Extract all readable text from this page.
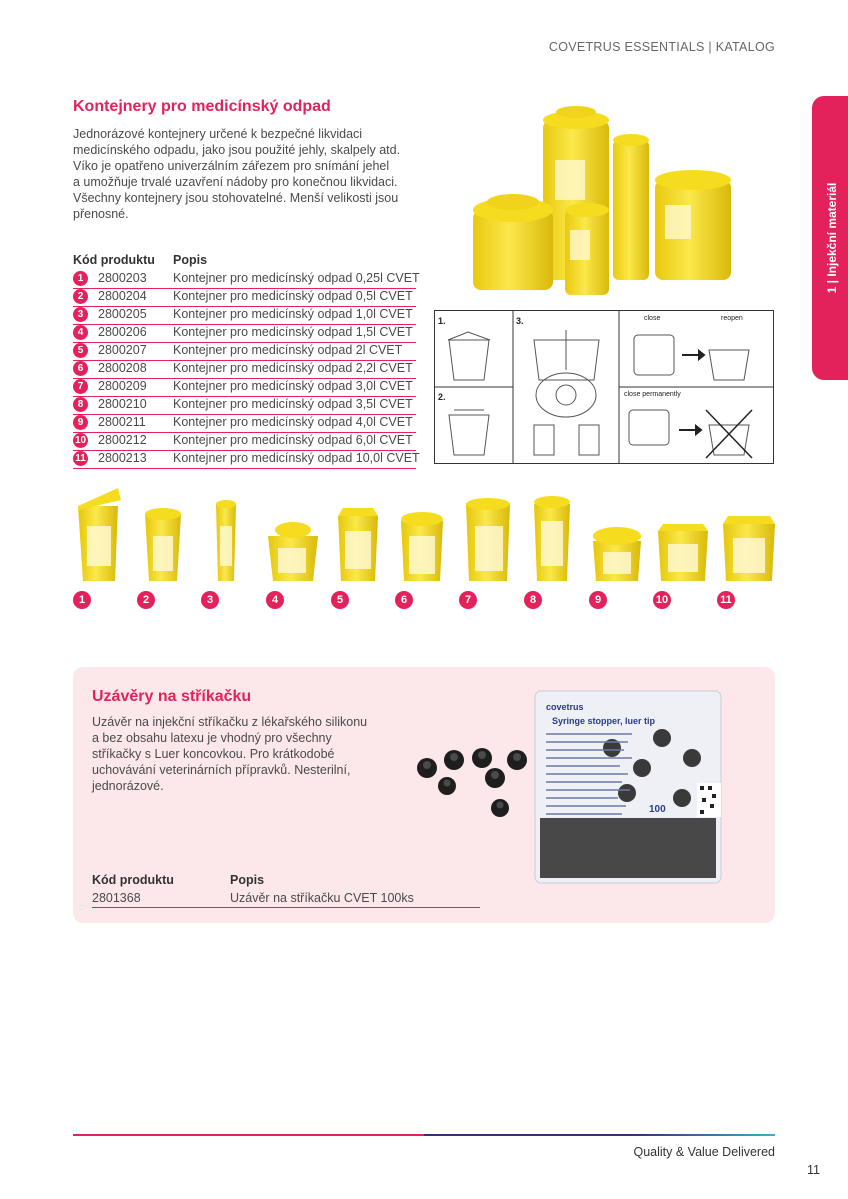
COVETRUS ESSENTIALS | KATALOG
1 | Injekční materiál
Kontejnery pro medicínský odpad
Jednorázové kontejnery určené k bezpečné likvidaci
medicínského odpadu, jako jsou použité jehly, skalpely atd.
Víko je opatřeno univerzálním zářezem pro snímání jehel
a umožňuje trvalé uzavření nádoby pro konečnou likvidaci.
Všechny kontejnery jsou stohovatelné. Menší velikosti jsou
přenosné.
Kód produktu Popis
1	2800203 Kontejner pro medicínský odpad 0,25l CVET
2	2800204 Kontejner pro medicínský odpad 0,5l CVET
3	2800205 Kontejner pro medicínský odpad 1,0l CVET
4	2800206 Kontejner pro medicínský odpad 1,5l CVET
5	2800207 Kontejner pro medicínský odpad 2l CVET
6	2800208 Kontejner pro medicínský odpad 2,2l CVET
7	2800209 Kontejner pro medicínský odpad 3,0l CVET
8	2800210 Kontejner pro medicínský odpad 3,5l CVET
9	2800211 Kontejner pro medicínský odpad 4,0l CVET
10 2800212 Kontejner pro medicínský odpad 6,0l CVET
11 2800213 Kontejner pro medicínský odpad 10,0l CVET
1.
2.
3.	close	reopen
close permanently
1	2	3	4	5	6	7	8	9	10	11
Uzávěry na stříkačku
Uzávěr na injekční stříkačku z lékařského silikonu
a bez obsahu latexu je vhodný pro všechny
stříkačky s Luer koncovkou. Pro krátkodobé
uchovávání veterinárních přípravků. Nesterilní,
jednorázové.
Kód produktu	Popis
2801368	Uzávěr na stříkačku CVET 100ks
covetrus
Syringe stopper, luer tip
100
Quality & Value Delivered
11
